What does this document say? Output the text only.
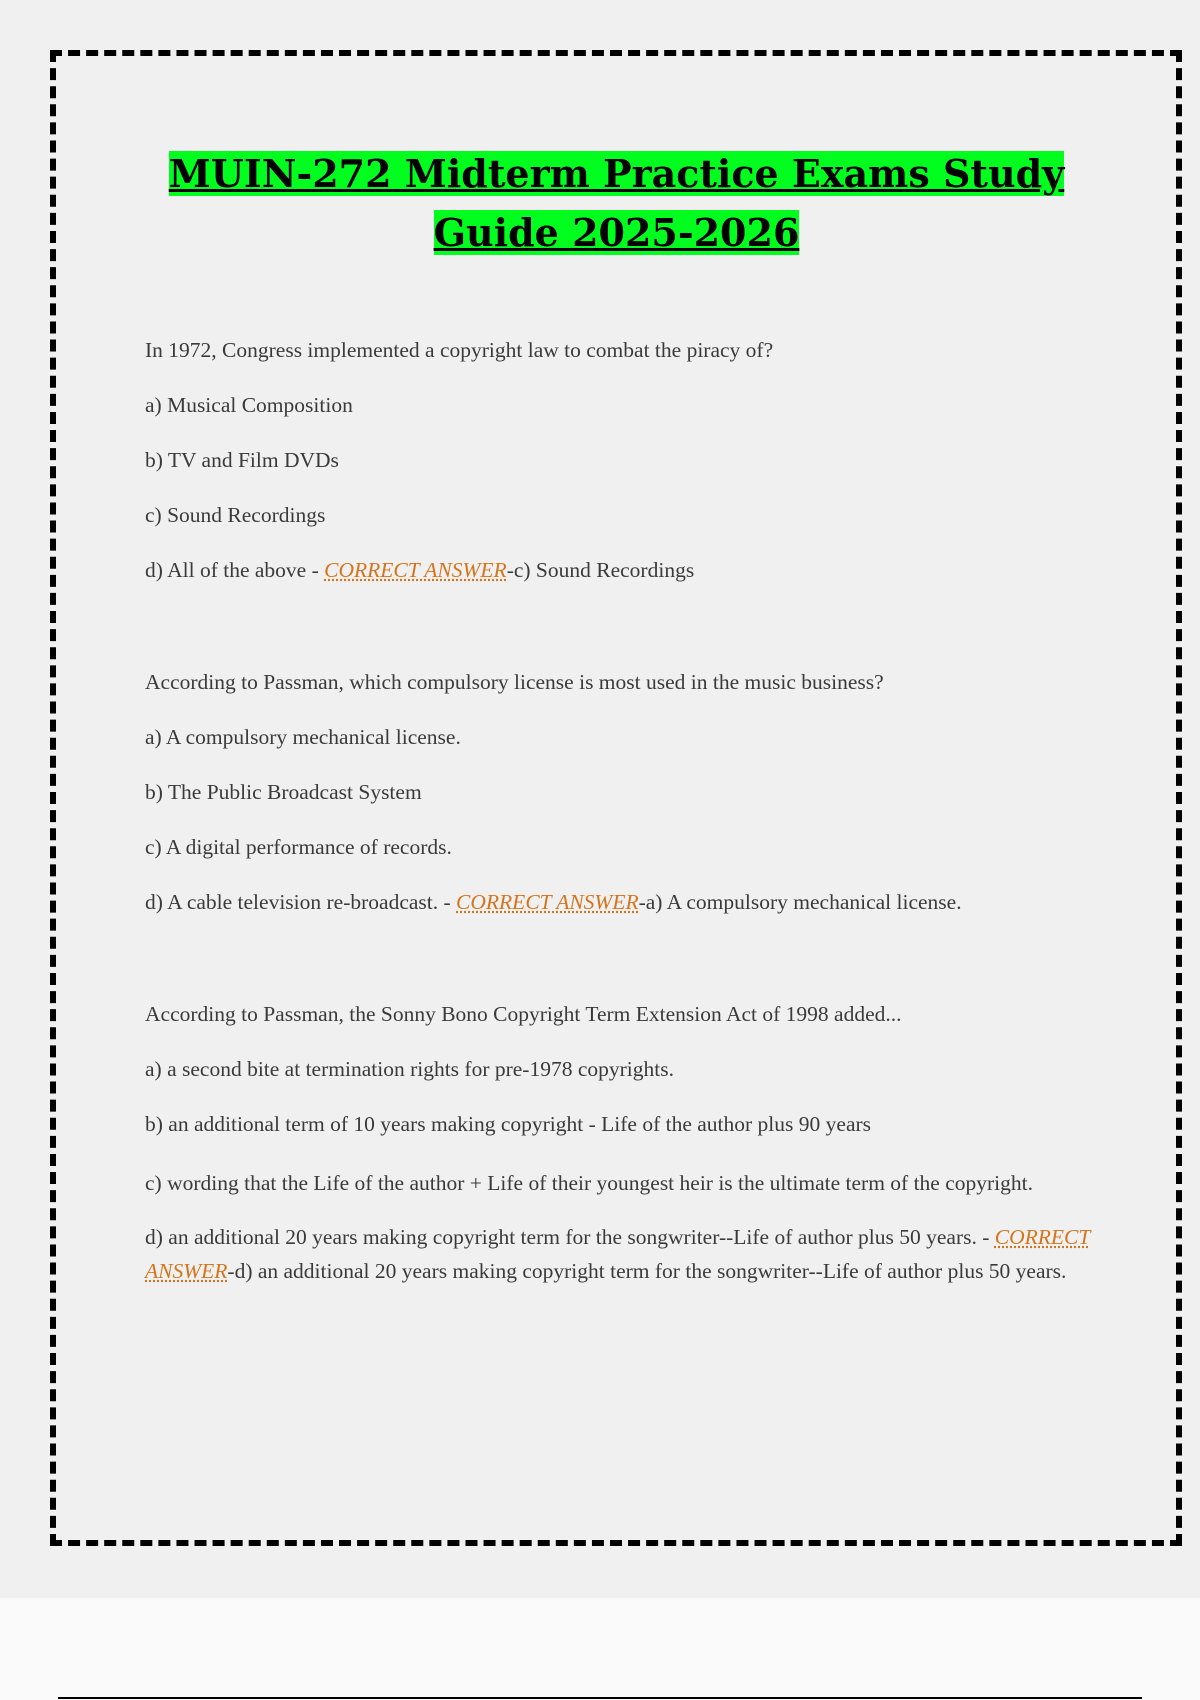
MUIN-272 Midterm Practice Exams Study
Guide 2025-2026

In 1972, Congress implemented a copyright law to combat the piracy of?

a) Musical Composition

b) TV and Film DVDs

c) Sound Recordings

d) All of the above - CORRECT ANSWER-c) Sound Recordings

According to Passman, which compulsory license is most used in the music business?

a) A compulsory mechanical license.

b) The Public Broadcast System

c) A digital performance of records.

d) A cable television re-broadcast. - CORRECT ANSWER-a) A compulsory mechanical license.

According to Passman, the Sonny Bono Copyright Term Extension Act of 1998 added...

a) a second bite at termination rights for pre-1978 copyrights.

b) an additional term of 10 years making copyright - Life of the author plus 90 years

c) wording that the Life of the author + Life of their youngest heir is the ultimate term of the copyright.

d) an additional 20 years making copyright term for the songwriter--Life of author plus 50 years. - CORRECT ANSWER-d) an additional 20 years making copyright term for the songwriter--Life of author plus 50 years.
